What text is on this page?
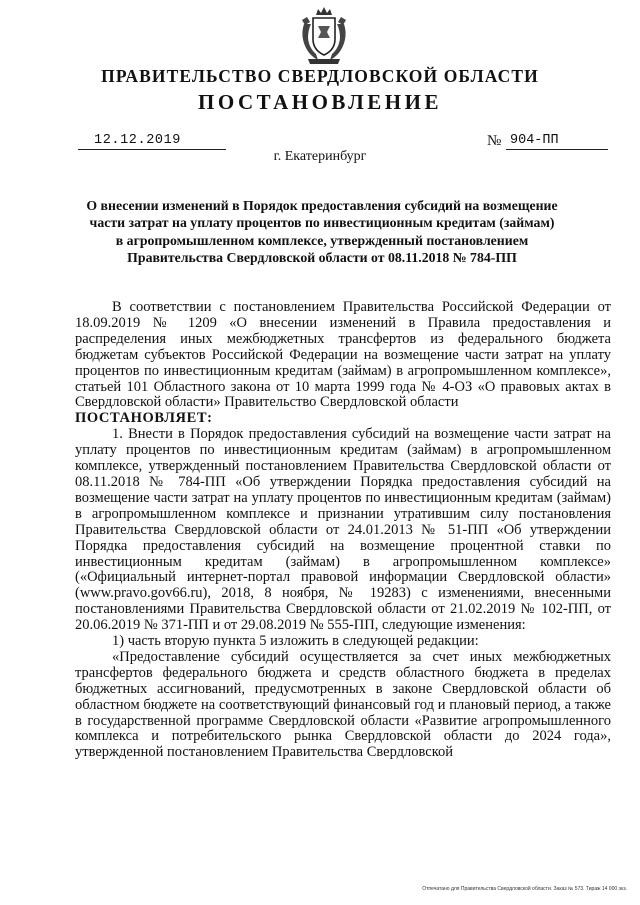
ПРАВИТЕЛЬСТВО СВЕРДЛОВСКОЙ ОБЛАСТИ
ПОСТАНОВЛЕНИЕ
12.12.2019	№ 904-ПП
г. Екатеринбург
О внесении изменений в Порядок предоставления субсидий на возмещение
части затрат на уплату процентов по инвестиционным кредитам (займам)
в агропромышленном комплексе, утвержденный постановлением
Правительства Свердловской области от 08.11.2018 № 784-ПП

В соответствии с постановлением Правительства Российской Федерации от 18.09.2019 № 1209 «О внесении изменений в Правила предоставления и распределения иных межбюджетных трансфертов из федерального бюджета бюджетам субъектов Российской Федерации на возмещение части затрат на уплату процентов по инвестиционным кредитам (займам) в агропромышленном комплексе», статьей 101 Областного закона от 10 марта 1999 года № 4-ОЗ «О правовых актах в Свердловской области» Правительство Свердловской области

ПОСТАНОВЛЯЕТ:

1. Внести в Порядок предоставления субсидий на возмещение части затрат на уплату процентов по инвестиционным кредитам (займам) в агропромышленном комплексе, утвержденный постановлением Правительства Свердловской области от 08.11.2018 № 784-ПП «Об утверждении Порядка предоставления субсидий на возмещение части затрат на уплату процентов по инвестиционным кредитам (займам) в агропромышленном комплексе и признании утратившим силу постановления Правительства Свердловской области от 24.01.2013 № 51-ПП «Об утверждении Порядка предоставления субсидий на возмещение процентной ставки по инвестиционным кредитам (займам) в агропромышленном комплексе» («Официальный интернет-портал правовой информации Свердловской области» (www.pravo.gov66.ru), 2018, 8 ноября, № 19283) с изменениями, внесенными постановлениями Правительства Свердловской области от 21.02.2019 № 102-ПП, от 20.06.2019 № 371-ПП и от 29.08.2019 № 555-ПП, следующие изменения:

1) часть вторую пункта 5 изложить в следующей редакции:

«Предоставление субсидий осуществляется за счет иных межбюджетных трансфертов федерального бюджета и средств областного бюджета в пределах бюджетных ассигнований, предусмотренных в законе Свердловской области об областном бюджете на соответствующий финансовый год и плановый период, а также в государственной программе Свердловской области «Развитие агропромышленного комплекса и потребительского рынка Свердловской области до 2024 года», утвержденной постановлением Правительства Свердловской

Отпечатано для Правительства Свердловской области. Заказ № 573. Тираж 14 000 экз.
